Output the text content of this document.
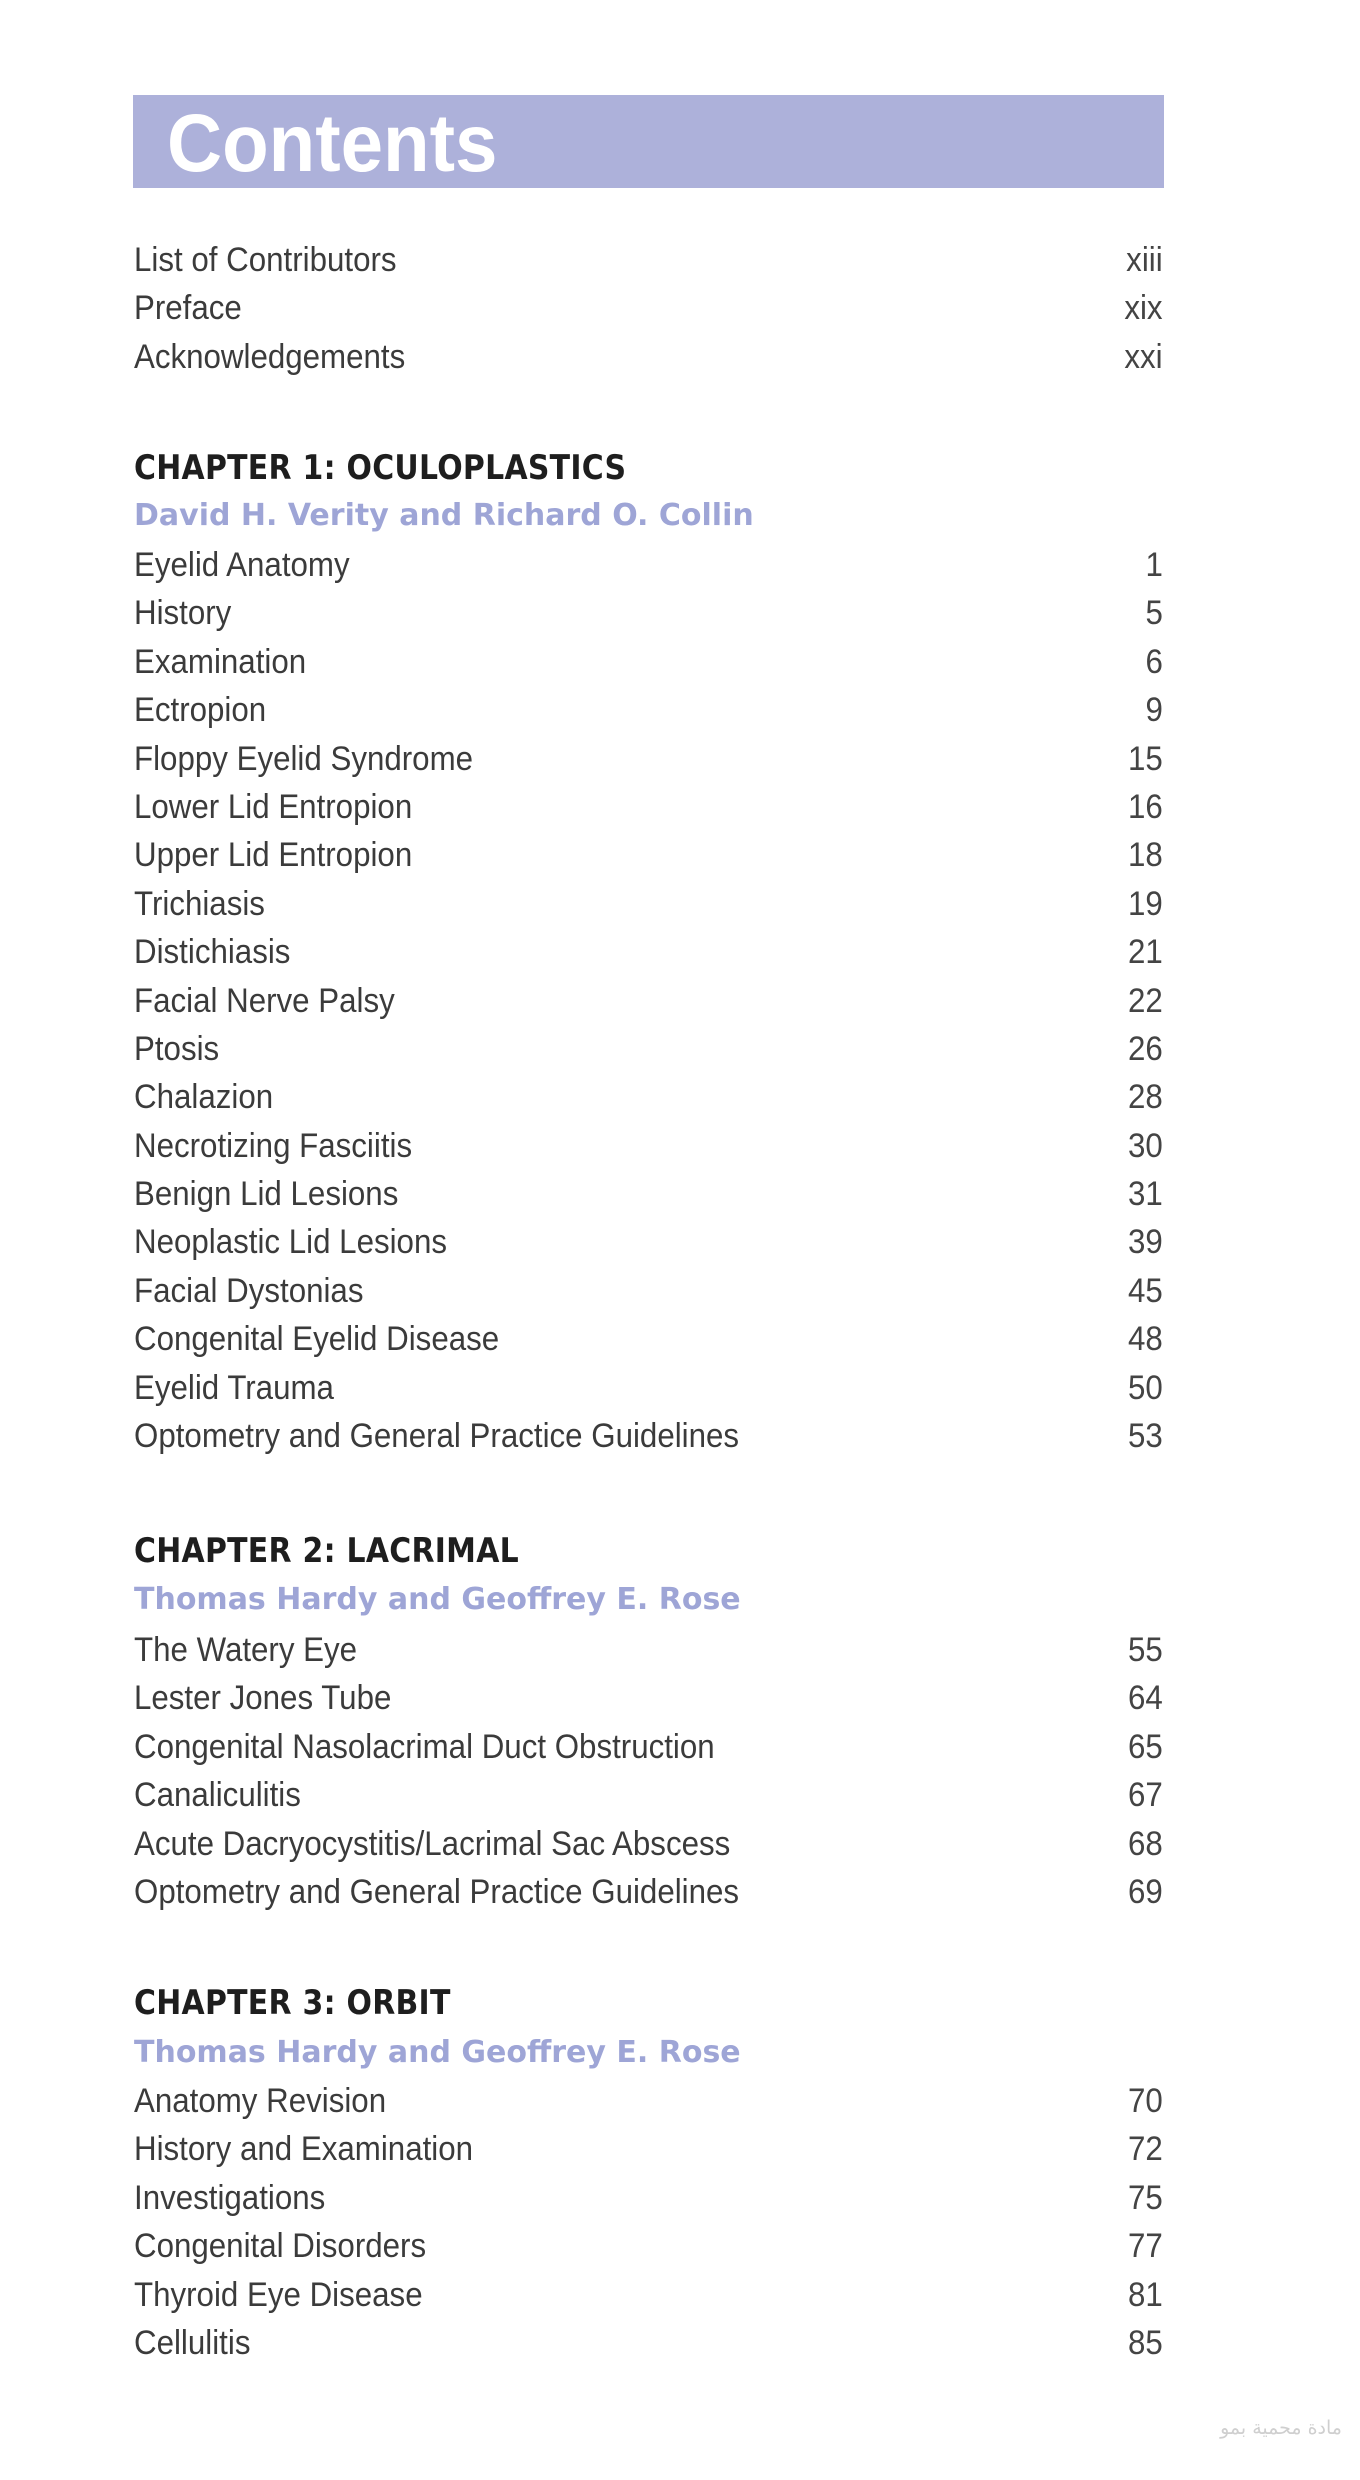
Contents
List of Contributors	xiii
Preface	xix
Acknowledgements	xxi
CHAPTER 1: OCULOPLASTICS
David H. Verity and Richard O. Collin
Eyelid Anatomy	1
History	5
Examination	6
Ectropion	9
Floppy Eyelid Syndrome	15
Lower Lid Entropion	16
Upper Lid Entropion	18
Trichiasis	19
Distichiasis	21
Facial Nerve Palsy	22
Ptosis	26
Chalazion	28
Necrotizing Fasciitis	30
Benign Lid Lesions	31
Neoplastic Lid Lesions	39
Facial Dystonias	45
Congenital Eyelid Disease	48
Eyelid Trauma	50
Optometry and General Practice Guidelines	53
CHAPTER 2: LACRIMAL
Thomas Hardy and Geoffrey E. Rose
The Watery Eye	55
Lester Jones Tube	64
Congenital Nasolacrimal Duct Obstruction	65
Canaliculitis	67
Acute Dacryocystitis/Lacrimal Sac Abscess	68
Optometry and General Practice Guidelines	69
CHAPTER 3: ORBIT
Thomas Hardy and Geoffrey E. Rose
Anatomy Revision	70
History and Examination	72
Investigations	75
Congenital Disorders	77
Thyroid Eye Disease	81
Cellulitis	85
مادة محمية بمو
